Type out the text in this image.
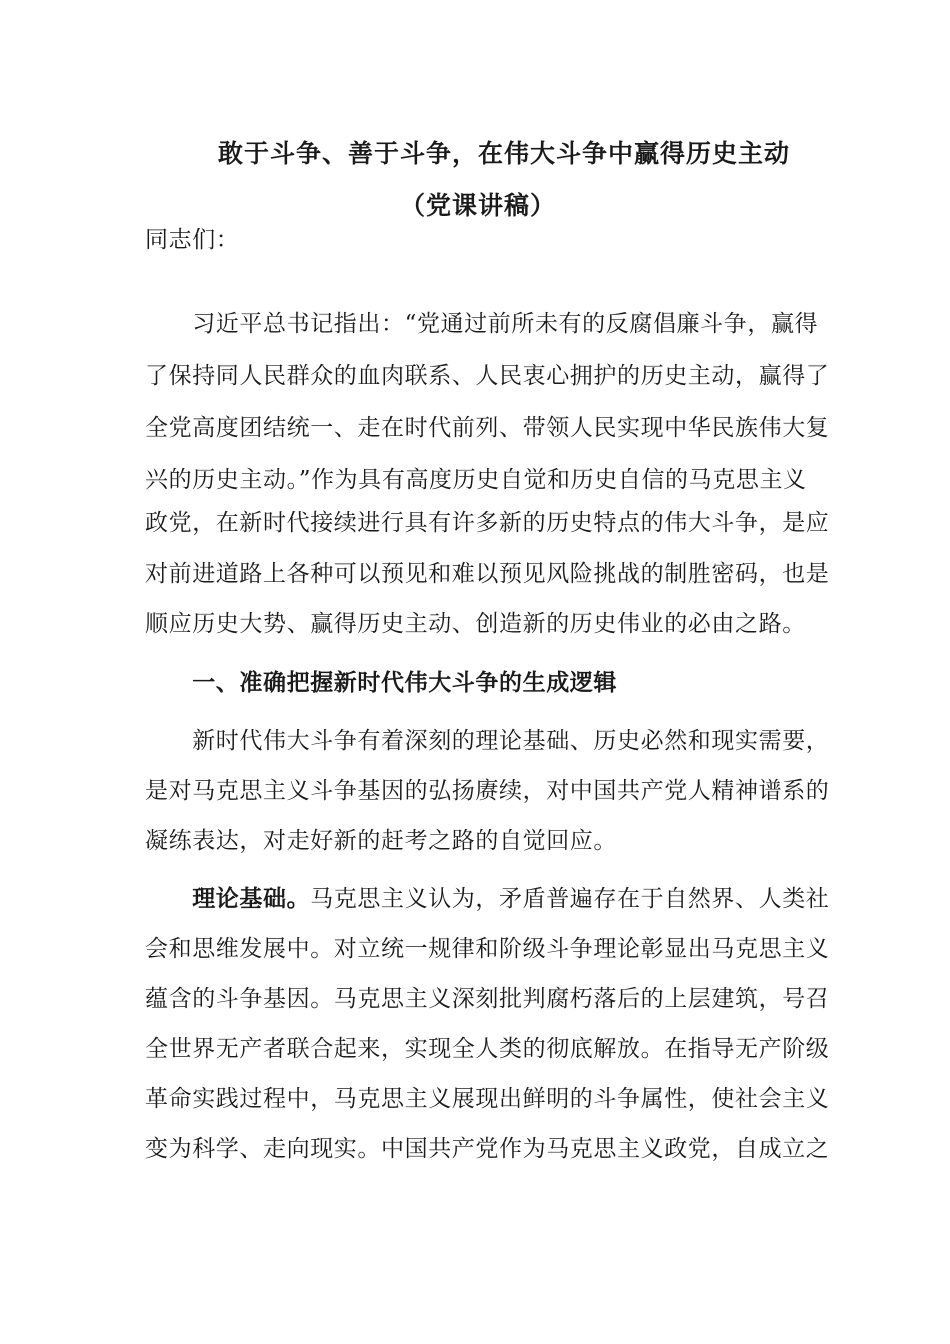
敢于斗争、善于斗争，在伟大斗争中赢得历史主动
（党课讲稿）
同志们：
　　习近平总书记指出：“党通过前所未有的反腐倡廉斗争，赢得
了保持同人民群众的血肉联系、人民衷心拥护的历史主动，赢得了
全党高度团结统一、走在时代前列、带领人民实现中华民族伟大复
兴的历史主动。”作为具有高度历史自觉和历史自信的马克思主义
政党，在新时代接续进行具有许多新的历史特点的伟大斗争，是应
对前进道路上各种可以预见和难以预见风险挑战的制胜密码，也是
顺应历史大势、赢得历史主动、创造新的历史伟业的必由之路。
　　一、准确把握新时代伟大斗争的生成逻辑
　　新时代伟大斗争有着深刻的理论基础、历史必然和现实需要，
是对马克思主义斗争基因的弘扬赓续，对中国共产党人精神谱系的
凝练表达，对走好新的赶考之路的自觉回应。
　　理论基础。马克思主义认为，矛盾普遍存在于自然界、人类社
会和思维发展中。对立统一规律和阶级斗争理论彰显出马克思主义
蕴含的斗争基因。马克思主义深刻批判腐朽落后的上层建筑，号召
全世界无产者联合起来，实现全人类的彻底解放。在指导无产阶级
革命实践过程中，马克思主义展现出鲜明的斗争属性，使社会主义
变为科学、走向现实。中国共产党作为马克思主义政党，自成立之
